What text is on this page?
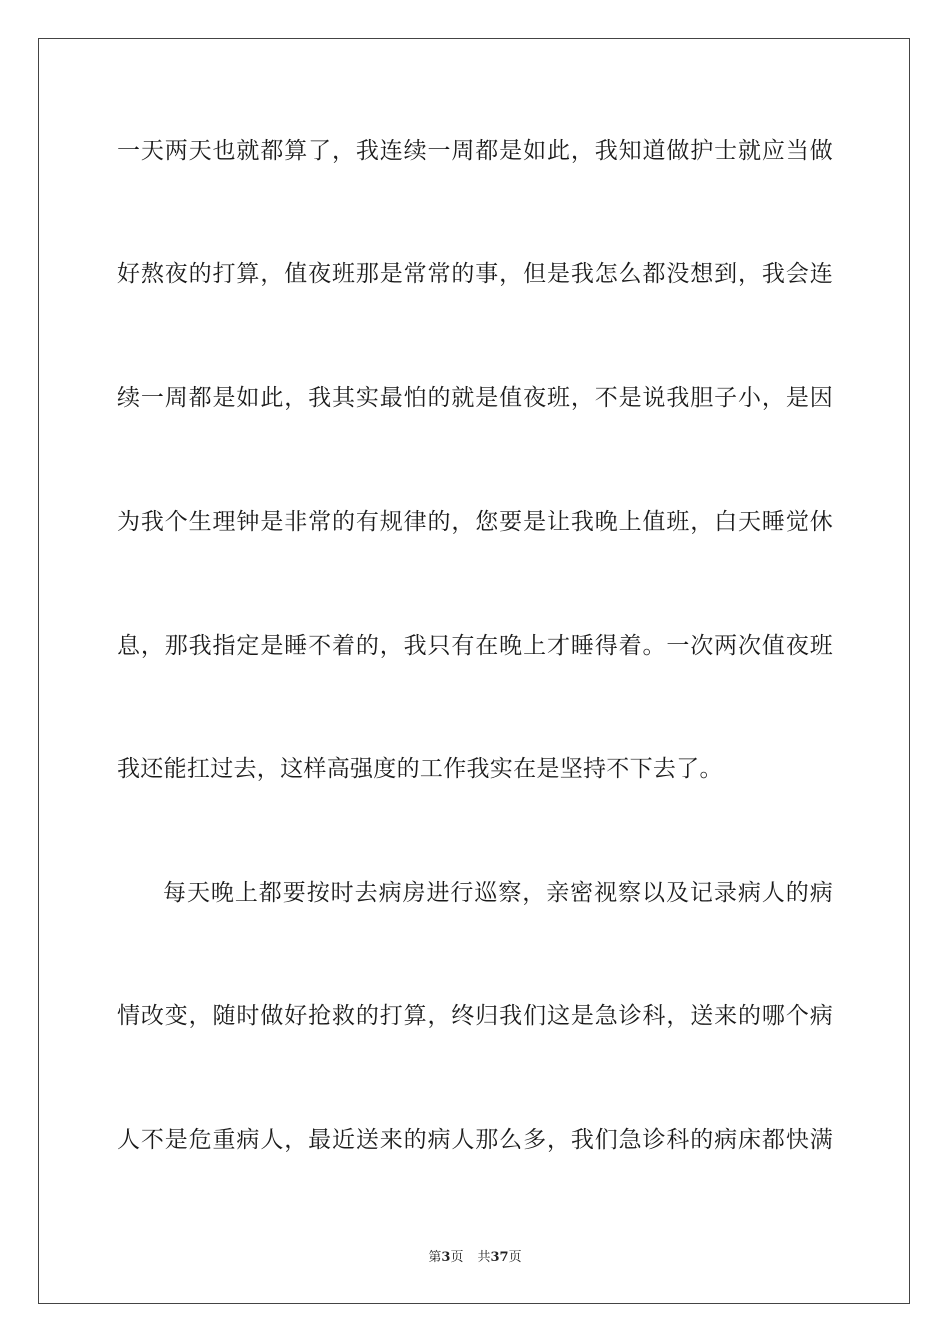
一天两天也就都算了，我连续一周都是如此，我知道做护士就应当做
好熬夜的打算，值夜班那是常常的事，但是我怎么都没想到，我会连
续一周都是如此，我其实最怕的就是值夜班，不是说我胆子小，是因
为我个生理钟是非常的有规律的，您要是让我晚上值班，白天睡觉休
息，那我指定是睡不着的，我只有在晚上才睡得着。一次两次值夜班
我还能扛过去，这样高强度的工作我实在是坚持不下去了。
每天晚上都要按时去病房进行巡察，亲密视察以及记录病人的病
情改变，随时做好抢救的打算，终归我们这是急诊科，送来的哪个病
人不是危重病人，最近送来的病人那么多，我们急诊科的病床都快满
第3页 共37页
